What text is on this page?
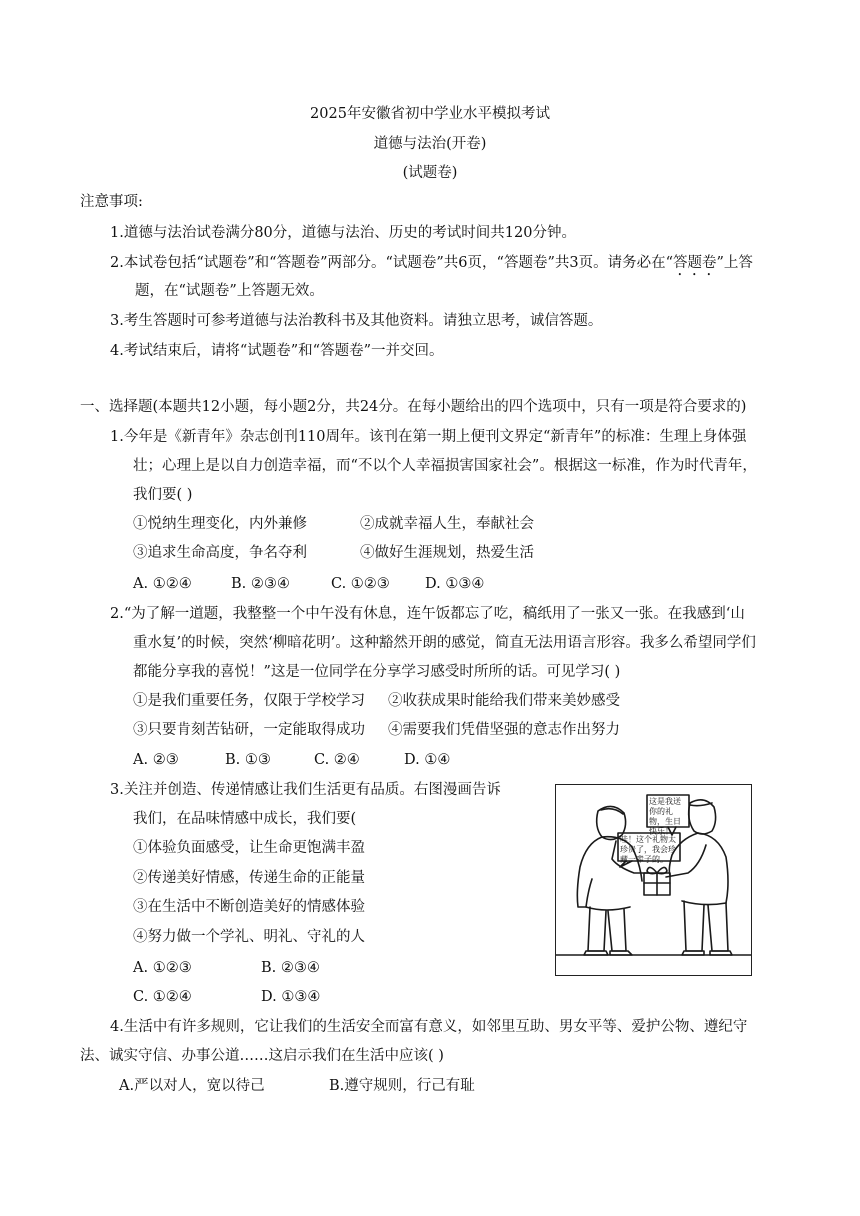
2025年安徽省初中学业水平模拟考试
道德与法治(开卷)
(试题卷)
注意事项:
1.道德与法治试卷满分80分，道德与法治、历史的考试时间共120分钟。
2.本试卷包括“试题卷”和“答题卷”两部分。“试题卷”共6页，“答题卷”共3页。请务必在“答题卷”上答
题，在“试题卷”上答题无效。
3.考生答题时可参考道德与法治教科书及其他资料。请独立思考，诚信答题。
4.考试结束后，请将“试题卷”和“答题卷”一并交回。
一、选择题(本题共12小题，每小题2分，共24分。在每小题给出的四个选项中，只有一项是符合要求的)
1.今年是《新青年》杂志创刊110周年。该刊在第一期上便刊文界定“新青年”的标准：生理上身体强
壮；心理上是以自力创造幸福，而“不以个人幸福损害国家社会”。根据这一标准，作为时代青年，
我们要( )
①悦纳生理变化，内外兼修	②成就幸福人生，奉献社会
③追求生命高度，争名夺利	④做好生涯规划，热爱生活
A. ①②④	B. ②③④	C. ①②③ D. ①③④
2.“为了解一道题，我整整一个中午没有休息，连午饭都忘了吃，稿纸用了一张又一张。在我感到‘山
重水复’的时候，突然‘柳暗花明’。这种豁然开朗的感觉，简直无法用语言形容。我多么希望同学们
都能分享我的喜悦！”这是一位同学在分享学习感受时所所的话。可见学习( )
①是我们重要任务，仅限于学校学习 ②收获成果时能给我们带来美妙感受
③只要肯刻苦钻研，一定能取得成功 ④需要我们凭借坚强的意志作出努力
A. ②③	B. ①③	C. ②④	D. ①④
3.关注并创造、传递情感让我们生活更有品质。右图漫画告诉
我们，在品味情感中成长，我们要(
①体验负面感受，让生命更饱满丰盈
②传递美好情感，传递生命的正能量
③在生活中不断创造美好的情感体验
④努力做一个学礼、明礼、守礼的人
A. ①②③	B. ②③④
C. ①②④	D. ①③④
这是我送你的礼物，生日快乐！
哇！这个礼物太珍贵了，我会珍藏一辈子的。
4.生活中有许多规则，它让我们的生活安全而富有意义，如邻里互助、男女平等、爱护公物、遵纪守
法、诚实守信、办事公道……这启示我们在生活中应该( )
A.严以对人，宽以待己	B.遵守规则，行己有耻
